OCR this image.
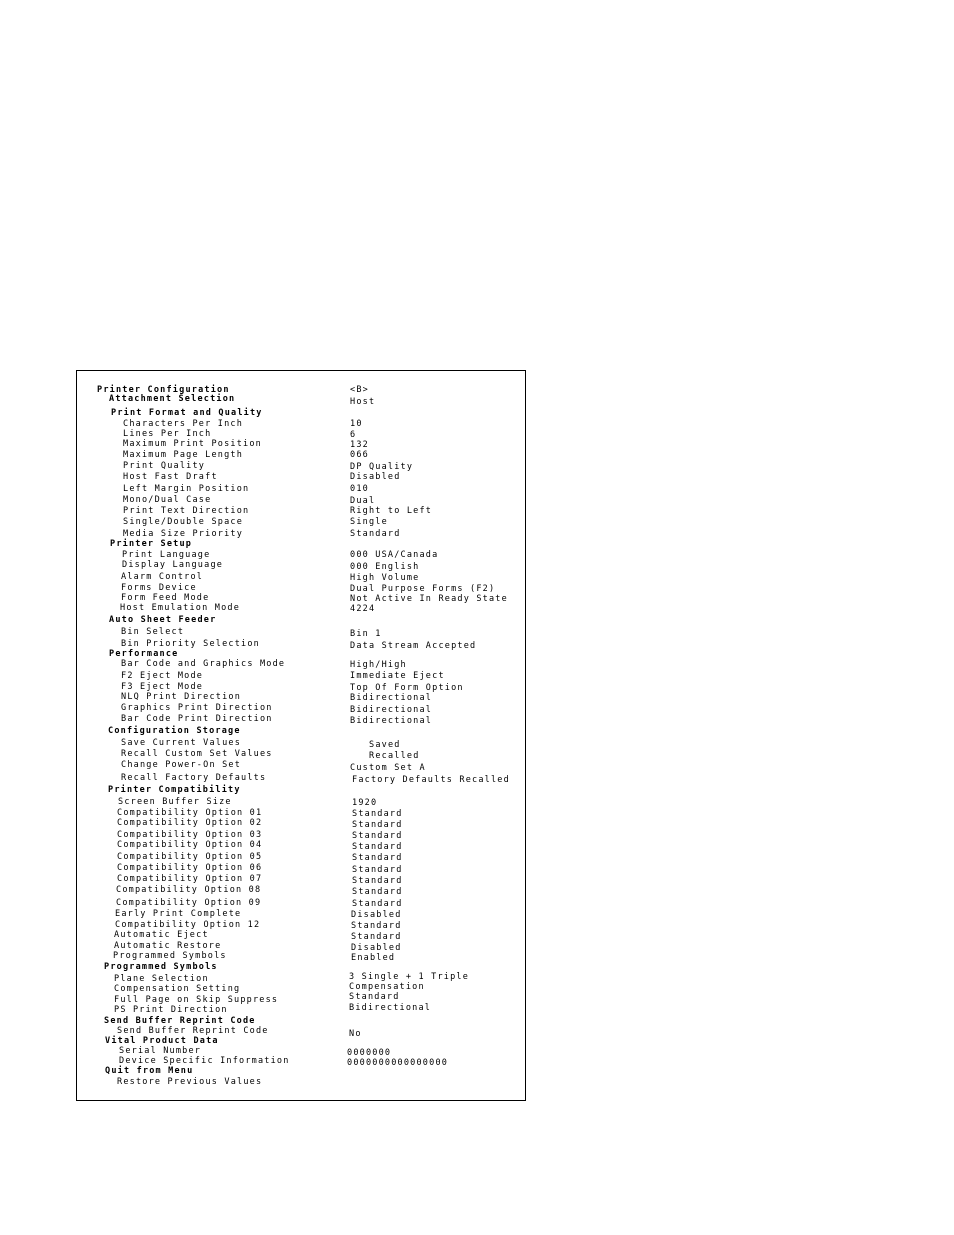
Printer Configuration	<B>
Attachment Selection	Host
Print Format and Quality
Characters Per Inch	10
Lines Per Inch	6
Maximum Print Position	132
Maximum Page Length	066
Print Quality	DP Quality
Host Fast Draft	Disabled
Left Margin Position	010
Mono/Dual Case	Dual
Print Text Direction	Right to Left
Single/Double Space	Single
Media Size Priority	Standard
Printer Setup
Print Language	000 USA/Canada
Display Language	000 English
Alarm Control	High Volume
Forms Device	Dual Purpose Forms (F2)
Form Feed Mode	Not Active In Ready State
Host Emulation Mode	4224
Auto Sheet Feeder
Bin Select	Bin 1
Bin Priority Selection	Data Stream Accepted
Performance
Bar Code and Graphics Mode	High/High
F2 Eject Mode	Immediate Eject
F3 Eject Mode	Top Of Form Option
NLQ Print Direction	Bidirectional
Graphics Print Direction	Bidirectional
Bar Code Print Direction	Bidirectional
Configuration Storage
Save Current Values	Saved
Recall Custom Set Values	Recalled
Change Power-On Set	Custom Set A
Recall Factory Defaults	Factory Defaults Recalled
Printer Compatibility
Screen Buffer Size	1920
Compatibility Option 01	Standard
Compatibility Option 02	Standard
Compatibility Option 03	Standard
Compatibility Option 04	Standard
Compatibility Option 05	Standard
Compatibility Option 06	Standard
Compatibility Option 07	Standard
Compatibility Option 08	Standard
Compatibility Option 09	Standard
Early Print Complete	Disabled
Compatibility Option 12	Standard
Automatic Eject	Standard
Automatic Restore	Disabled
Programmed Symbols	Enabled
Programmed Symbols
Plane Selection	3 Single + 1 Triple
Compensation Setting	Compensation
Full Page on Skip Suppress	Standard
PS Print Direction	Bidirectional
Send Buffer Reprint Code
Send Buffer Reprint Code	No
Vital Product Data
Serial Number	0000000
Device Specific Information	0000000000000000
Quit from Menu
Restore Previous Values
